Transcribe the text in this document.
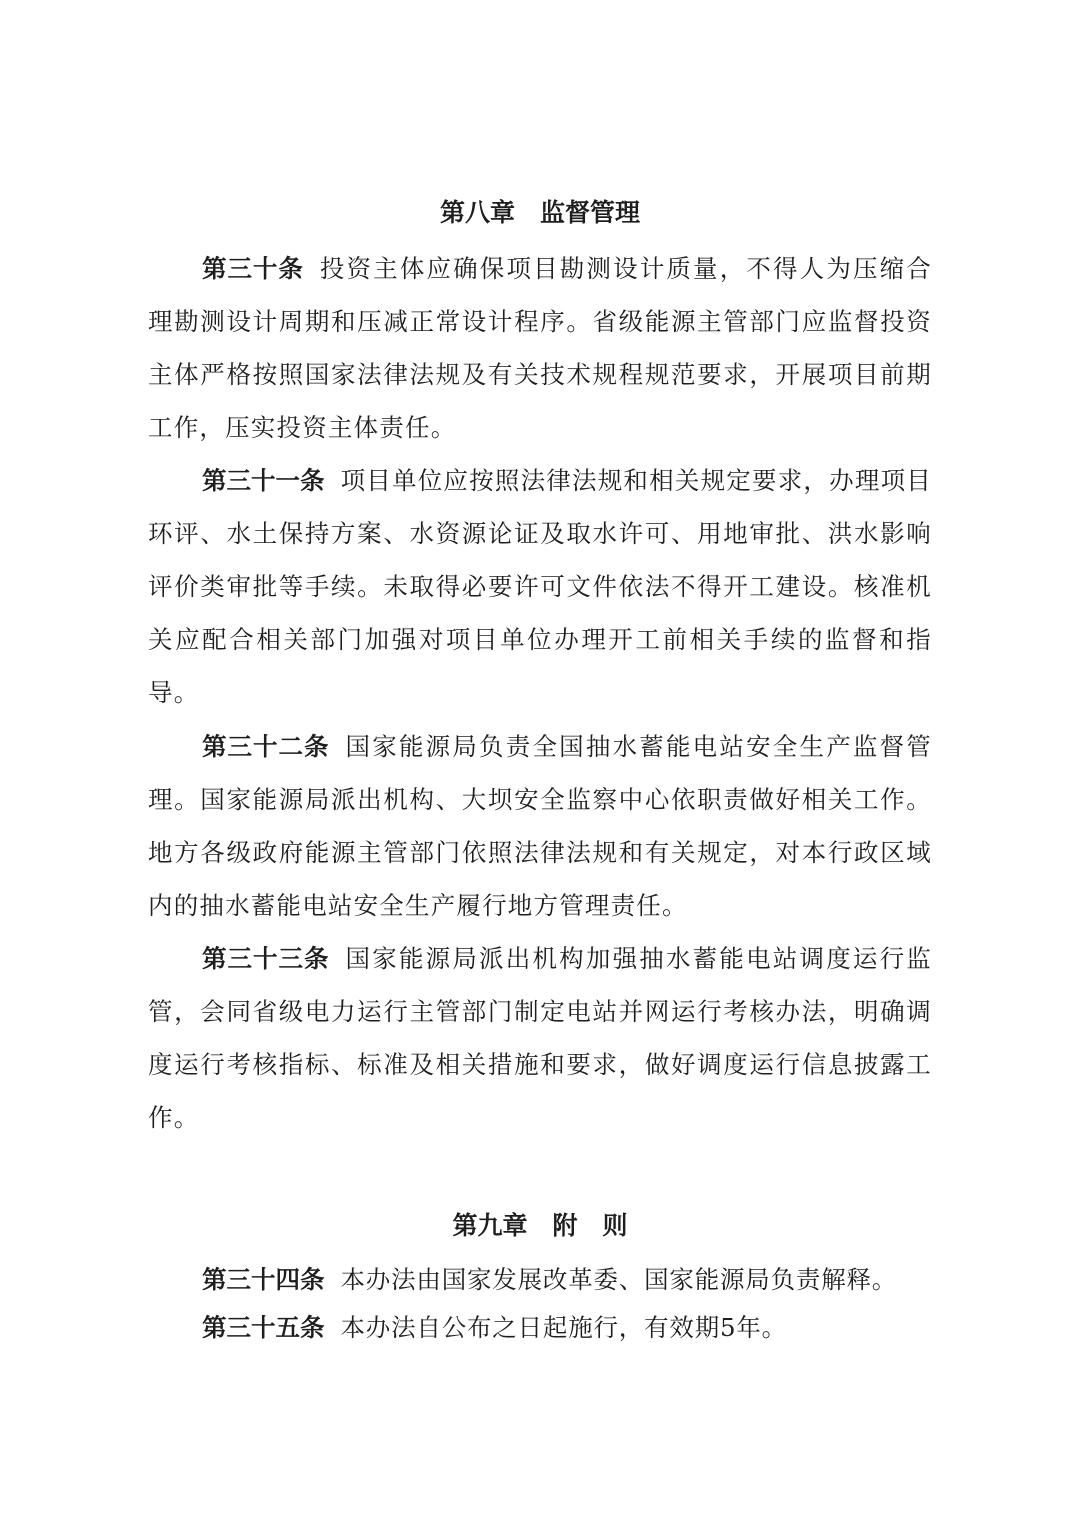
第八章　监督管理

第三十条 投资主体应确保项目勘测设计质量，不得人为压缩合理勘测设计周期和压减正常设计程序。省级能源主管部门应监督投资主体严格按照国家法律法规及有关技术规程规范要求，开展项目前期工作，压实投资主体责任。

第三十一条 项目单位应按照法律法规和相关规定要求，办理项目环评、水土保持方案、水资源论证及取水许可、用地审批、洪水影响评价类审批等手续。未取得必要许可文件依法不得开工建设。核准机关应配合相关部门加强对项目单位办理开工前相关手续的监督和指导。

第三十二条 国家能源局负责全国抽水蓄能电站安全生产监督管理。国家能源局派出机构、大坝安全监察中心依职责做好相关工作。地方各级政府能源主管部门依照法律法规和有关规定，对本行政区域内的抽水蓄能电站安全生产履行地方管理责任。

第三十三条 国家能源局派出机构加强抽水蓄能电站调度运行监管，会同省级电力运行主管部门制定电站并网运行考核办法，明确调度运行考核指标、标准及相关措施和要求，做好调度运行信息披露工作。

第九章　附　则

第三十四条 本办法由国家发展改革委、国家能源局负责解释。

第三十五条 本办法自公布之日起施行，有效期5年。
